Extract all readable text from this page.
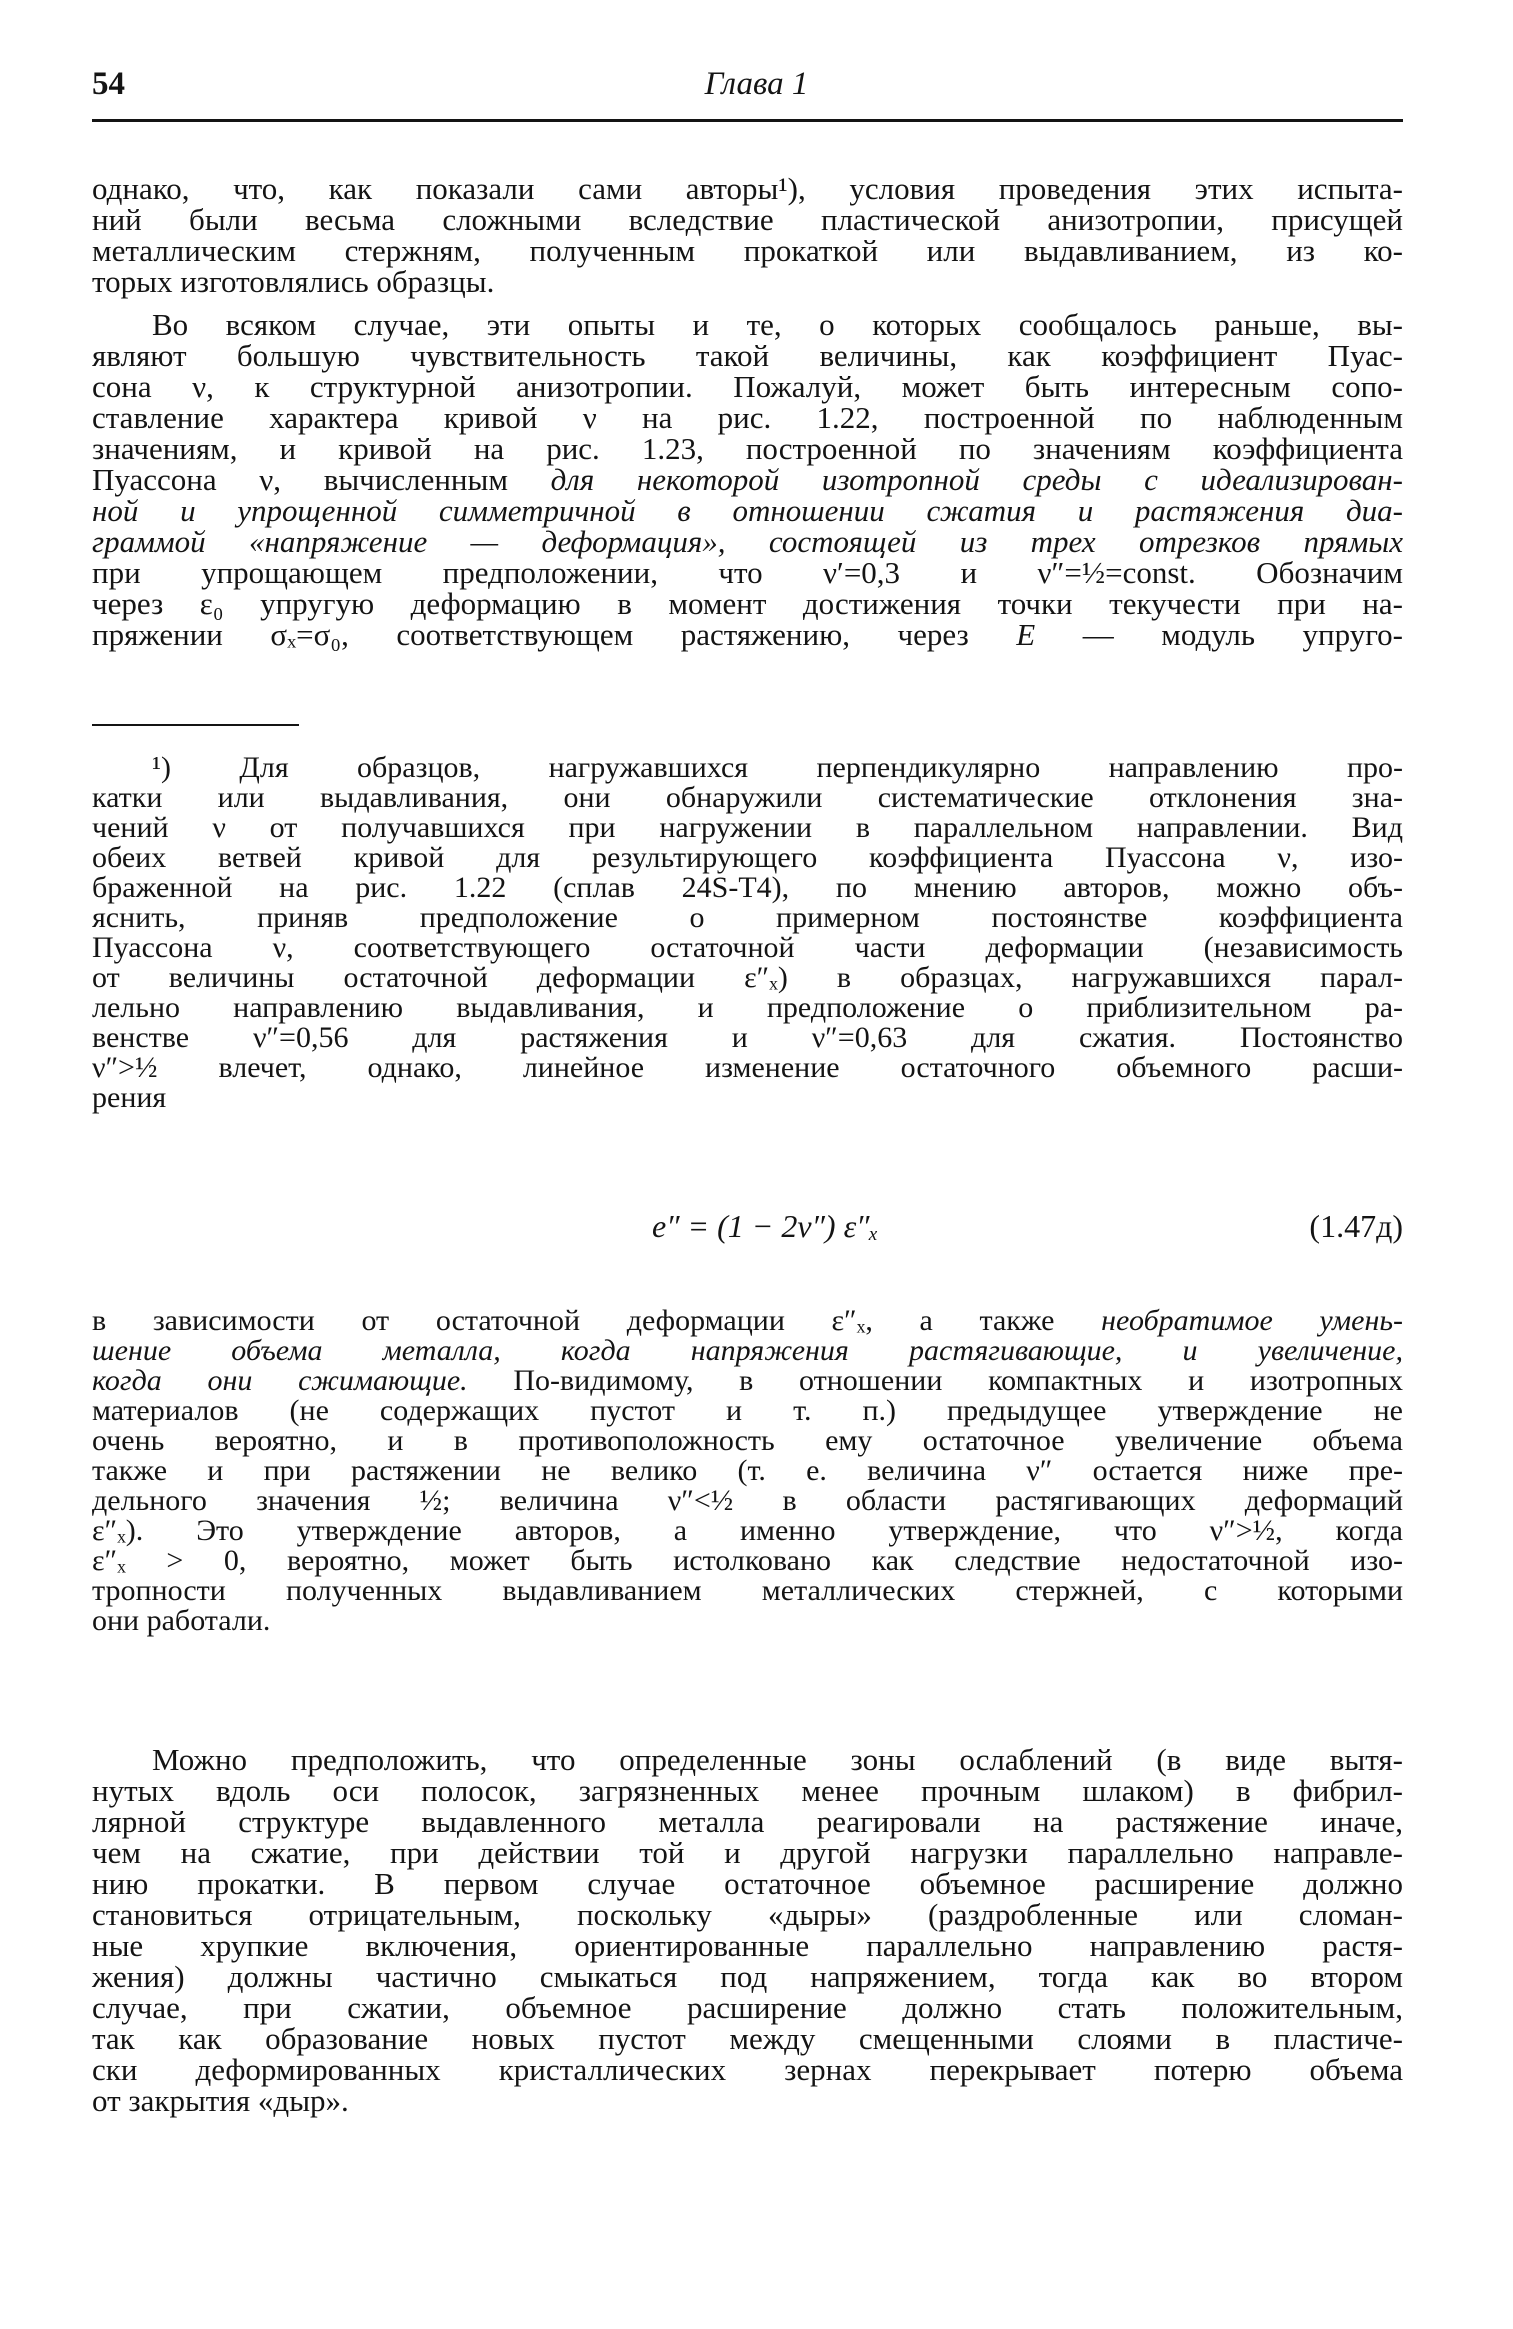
54	Глава 1
однако, что, как показали сами авторы¹), условия проведения этих испыта-
ний были весьма сложными вследствие пластической анизотропии, присущей
металлическим стержням, полученным прокаткой или выдавливанием, из ко-
торых изготовлялись образцы.
Во всяком случае, эти опыты и те, о которых сообщалось раньше, вы-
являют большую чувствительность такой величины, как коэффициент Пуас-
сона ν, к структурной анизотропии. Пожалуй, может быть интересным сопо-
ставление характера кривой ν на рис. 1.22, построенной по наблюденным
значениям, и кривой на рис. 1.23, построенной по значениям коэффициента
Пуассона ν, вычисленным для некоторой изотропной среды с идеализирован-
ной и упрощенной симметричной в отношении сжатия и растяжения диа-
граммой «напряжение — деформация», состоящей из трех отрезков прямых
при упрощающем предположении, что ν′=0,3 и ν″=½=const. Обозначим
через ε₀ упругую деформацию в момент достижения точки текучести при на-
пряжении σₓ=σ₀, соответствующем растяжению, через E — модуль упруго-
¹) Для образцов, нагружавшихся перпендикулярно направлению про-
катки или выдавливания, они обнаружили систематические отклонения зна-
чений ν от получавшихся при нагружении в параллельном направлении. Вид
обеих ветвей кривой для результирующего коэффициента Пуассона ν, изо-
браженной на рис. 1.22 (сплав 24S-T4), по мнению авторов, можно объ-
яснить, приняв предположение о примерном постоянстве коэффициента
Пуассона ν, соответствующего остаточной части деформации (независимость
от величины остаточной деформации ε″ₓ) в образцах, нагружавшихся парал-
лельно направлению выдавливания, и предположение о приблизительном ра-
венстве ν″=0,56 для растяжения и ν″=0,63 для сжатия. Постоянство
ν″>½ влечет, однако, линейное изменение остаточного объемного расши-
рения
e″ = (1 − 2ν″) ε″ₓ	(1.47д)
в зависимости от остаточной деформации ε″ₓ, а также необратимое умень-
шение объема металла, когда напряжения растягивающие, и увеличение,
когда они сжимающие. По-видимому, в отношении компактных и изотропных
материалов (не содержащих пустот и т. п.) предыдущее утверждение не
очень вероятно, и в противоположность ему остаточное увеличение объема
также и при растяжении не велико (т. е. величина ν″ остается ниже пре-
дельного значения ½; величина ν″<½ в области растягивающих деформаций
ε″ₓ). Это утверждение авторов, а именно утверждение, что ν″>½, когда
ε″ₓ > 0, вероятно, может быть истолковано как следствие недостаточной изо-
тропности полученных выдавливанием металлических стержней, с которыми
они работали.
Можно предположить, что определенные зоны ослаблений (в виде вытя-
нутых вдоль оси полосок, загрязненных менее прочным шлаком) в фибрил-
лярной структуре выдавленного металла реагировали на растяжение иначе,
чем на сжатие, при действии той и другой нагрузки параллельно направле-
нию прокатки. В первом случае остаточное объемное расширение должно
становиться отрицательным, поскольку «дыры» (раздробленные или сломан-
ные хрупкие включения, ориентированные параллельно направлению растя-
жения) должны частично смыкаться под напряжением, тогда как во втором
случае, при сжатии, объемное расширение должно стать положительным,
так как образование новых пустот между смещенными слоями в пластиче-
ски деформированных кристаллических зернах перекрывает потерю объема
от закрытия «дыр».
